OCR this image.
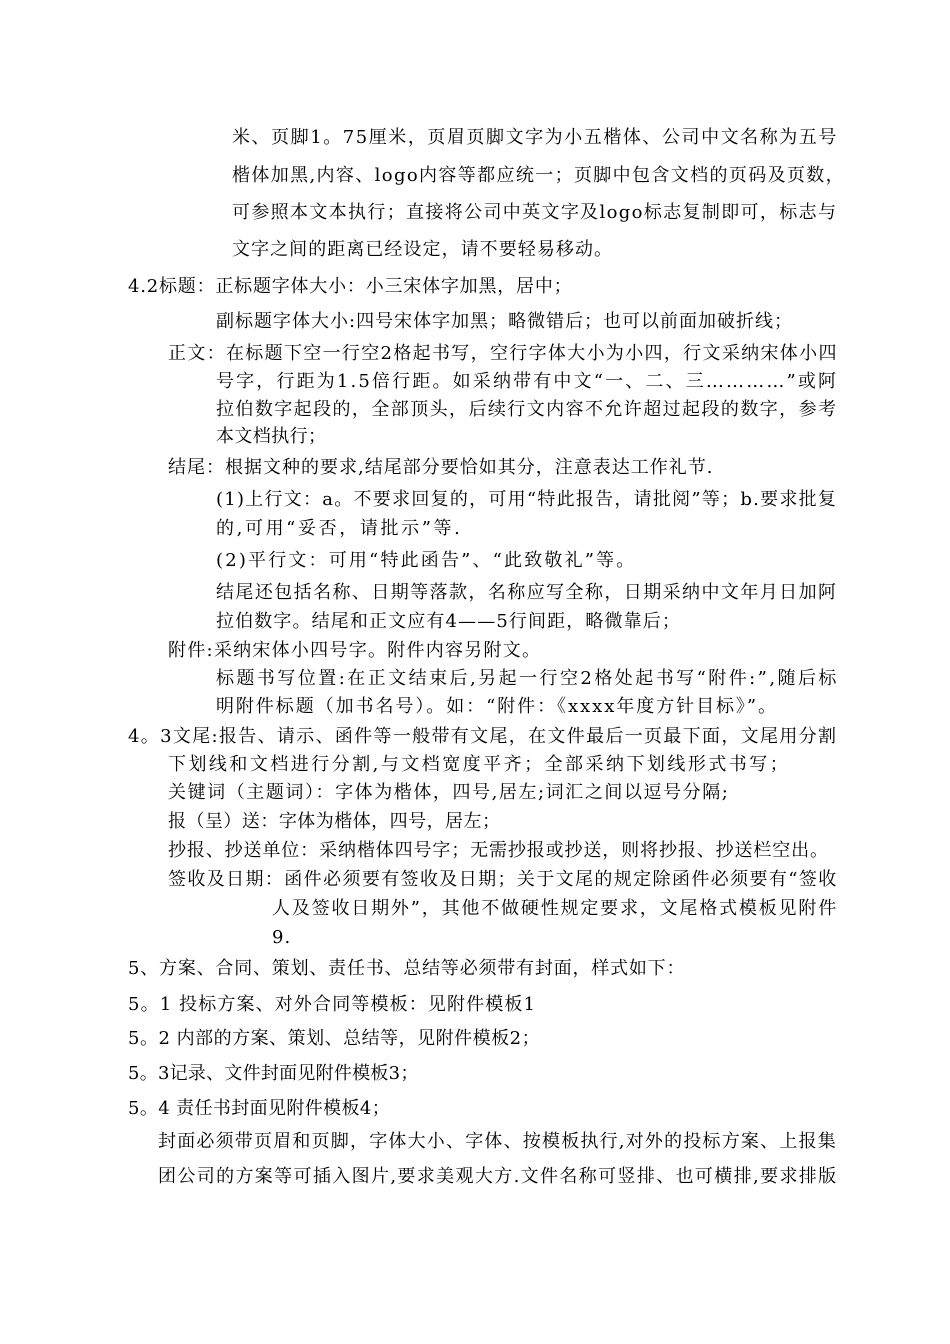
米、页脚1。75厘米，页眉页脚文字为小五楷体、公司中文名称为五号
楷体加黑,内容、logo内容等都应统一；页脚中包含文档的页码及页数，
可参照本文本执行；直接将公司中英文字及logo标志复制即可，标志与
文字之间的距离已经设定，请不要轻易移动。
4.2标题：正标题字体大小：小三宋体字加黑，居中；
副标题字体大小:四号宋体字加黑；略微错后；也可以前面加破折线；
正文：在标题下空一行空2格起书写，空行字体大小为小四，行文采纳宋体小四
号字，行距为1.5倍行距。如采纳带有中文“一、二、三…………”或阿
拉伯数字起段的，全部顶头，后续行文内容不允许超过起段的数字，参考
本文档执行；
结尾：根据文种的要求,结尾部分要恰如其分，注意表达工作礼节.
(1)上行文：a。不要求回复的，可用“特此报告，请批阅”等；b.要求批复
的,可用“妥否，请批示”等.
(2)平行文：可用“特此函告”、“此致敬礼”等。
结尾还包括名称、日期等落款，名称应写全称，日期采纳中文年月日加阿
拉伯数字。结尾和正文应有4——5行间距，略微靠后；
附件:采纳宋体小四号字。附件内容另附文。
标题书写位置:在正文结束后,另起一行空2格处起书写“附件:”,随后标
明附件标题（加书名号）。如：“附件：《xxxx年度方针目标》”。
4。3文尾:报告、请示、函件等一般带有文尾，在文件最后一页最下面，文尾用分割
下划线和文档进行分割,与文档宽度平齐；全部采纳下划线形式书写；
关键词（主题词）：字体为楷体，四号,居左;词汇之间以逗号分隔;
报（呈）送：字体为楷体，四号，居左；
抄报、抄送单位：采纳楷体四号字；无需抄报或抄送，则将抄报、抄送栏空出。
签收及日期：函件必须要有签收及日期；关于文尾的规定除函件必须要有“签收
人及签收日期外”，其他不做硬性规定要求，文尾格式模板见附件
9.
5、方案、合同、策划、责任书、总结等必须带有封面，样式如下：
5。1 投标方案、对外合同等模板：见附件模板1
5。2 内部的方案、策划、总结等，见附件模板2；
5。3记录、文件封面见附件模板3；
5。4 责任书封面见附件模板4；
封面必须带页眉和页脚，字体大小、字体、按模板执行,对外的投标方案、上报集
团公司的方案等可插入图片,要求美观大方.文件名称可竖排、也可横排,要求排版
